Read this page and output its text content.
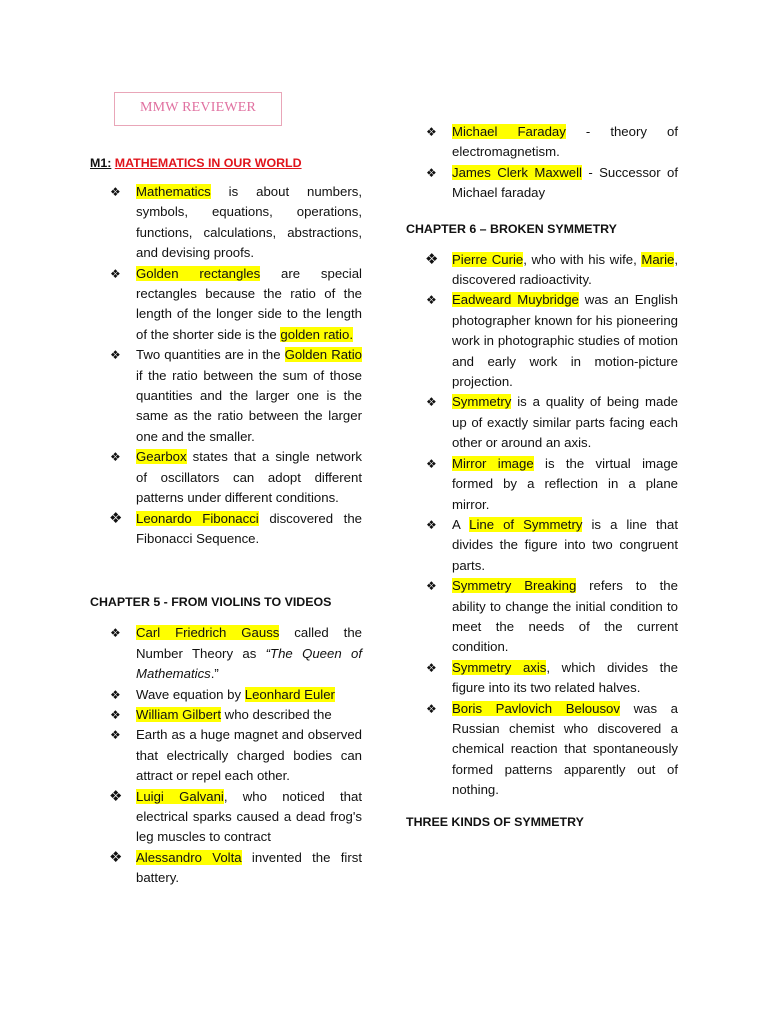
MMW REVIEWER
M1: MATHEMATICS IN OUR WORLD
❖ Mathematics is about numbers, symbols, equations, operations, functions, calculations, abstractions, and devising proofs.
❖ Golden rectangles are special rectangles because the ratio of the length of the longer side to the length of the shorter side is the golden ratio.
❖ Two quantities are in the Golden Ratio if the ratio between the sum of those quantities and the larger one is the same as the ratio between the larger one and the smaller.
❖ Gearbox states that a single network of oscillators can adopt different patterns under different conditions.
❖ Leonardo Fibonacci discovered the Fibonacci Sequence.
CHAPTER 5 - FROM VIOLINS TO VIDEOS
❖ Carl Friedrich Gauss called the Number Theory as “The Queen of Mathematics.”
❖ Wave equation by Leonhard Euler
❖ William Gilbert who described the
❖ Earth as a huge magnet and observed that electrically charged bodies can attract or repel each other.
❖ Luigi Galvani, who noticed that electrical sparks caused a dead frog's leg muscles to contract
❖ Alessandro Volta invented the first battery.
❖ Michael Faraday - theory of electromagnetism.
❖ James Clerk Maxwell - Successor of Michael faraday
CHAPTER 6 – BROKEN SYMMETRY
❖ Pierre Curie, who with his wife, Marie, discovered radioactivity.
❖ Eadweard Muybridge was an English photographer known for his pioneering work in photographic studies of motion and early work in motion-picture projection.
❖ Symmetry is a quality of being made up of exactly similar parts facing each other or around an axis.
❖ Mirror image is the virtual image formed by a reflection in a plane mirror.
❖ A Line of Symmetry is a line that divides the figure into two congruent parts.
❖ Symmetry Breaking refers to the ability to change the initial condition to meet the needs of the current condition.
❖ Symmetry axis, which divides the figure into its two related halves.
❖ Boris Pavlovich Belousov was a Russian chemist who discovered a chemical reaction that spontaneously formed patterns apparently out of nothing.
THREE KINDS OF SYMMETRY
